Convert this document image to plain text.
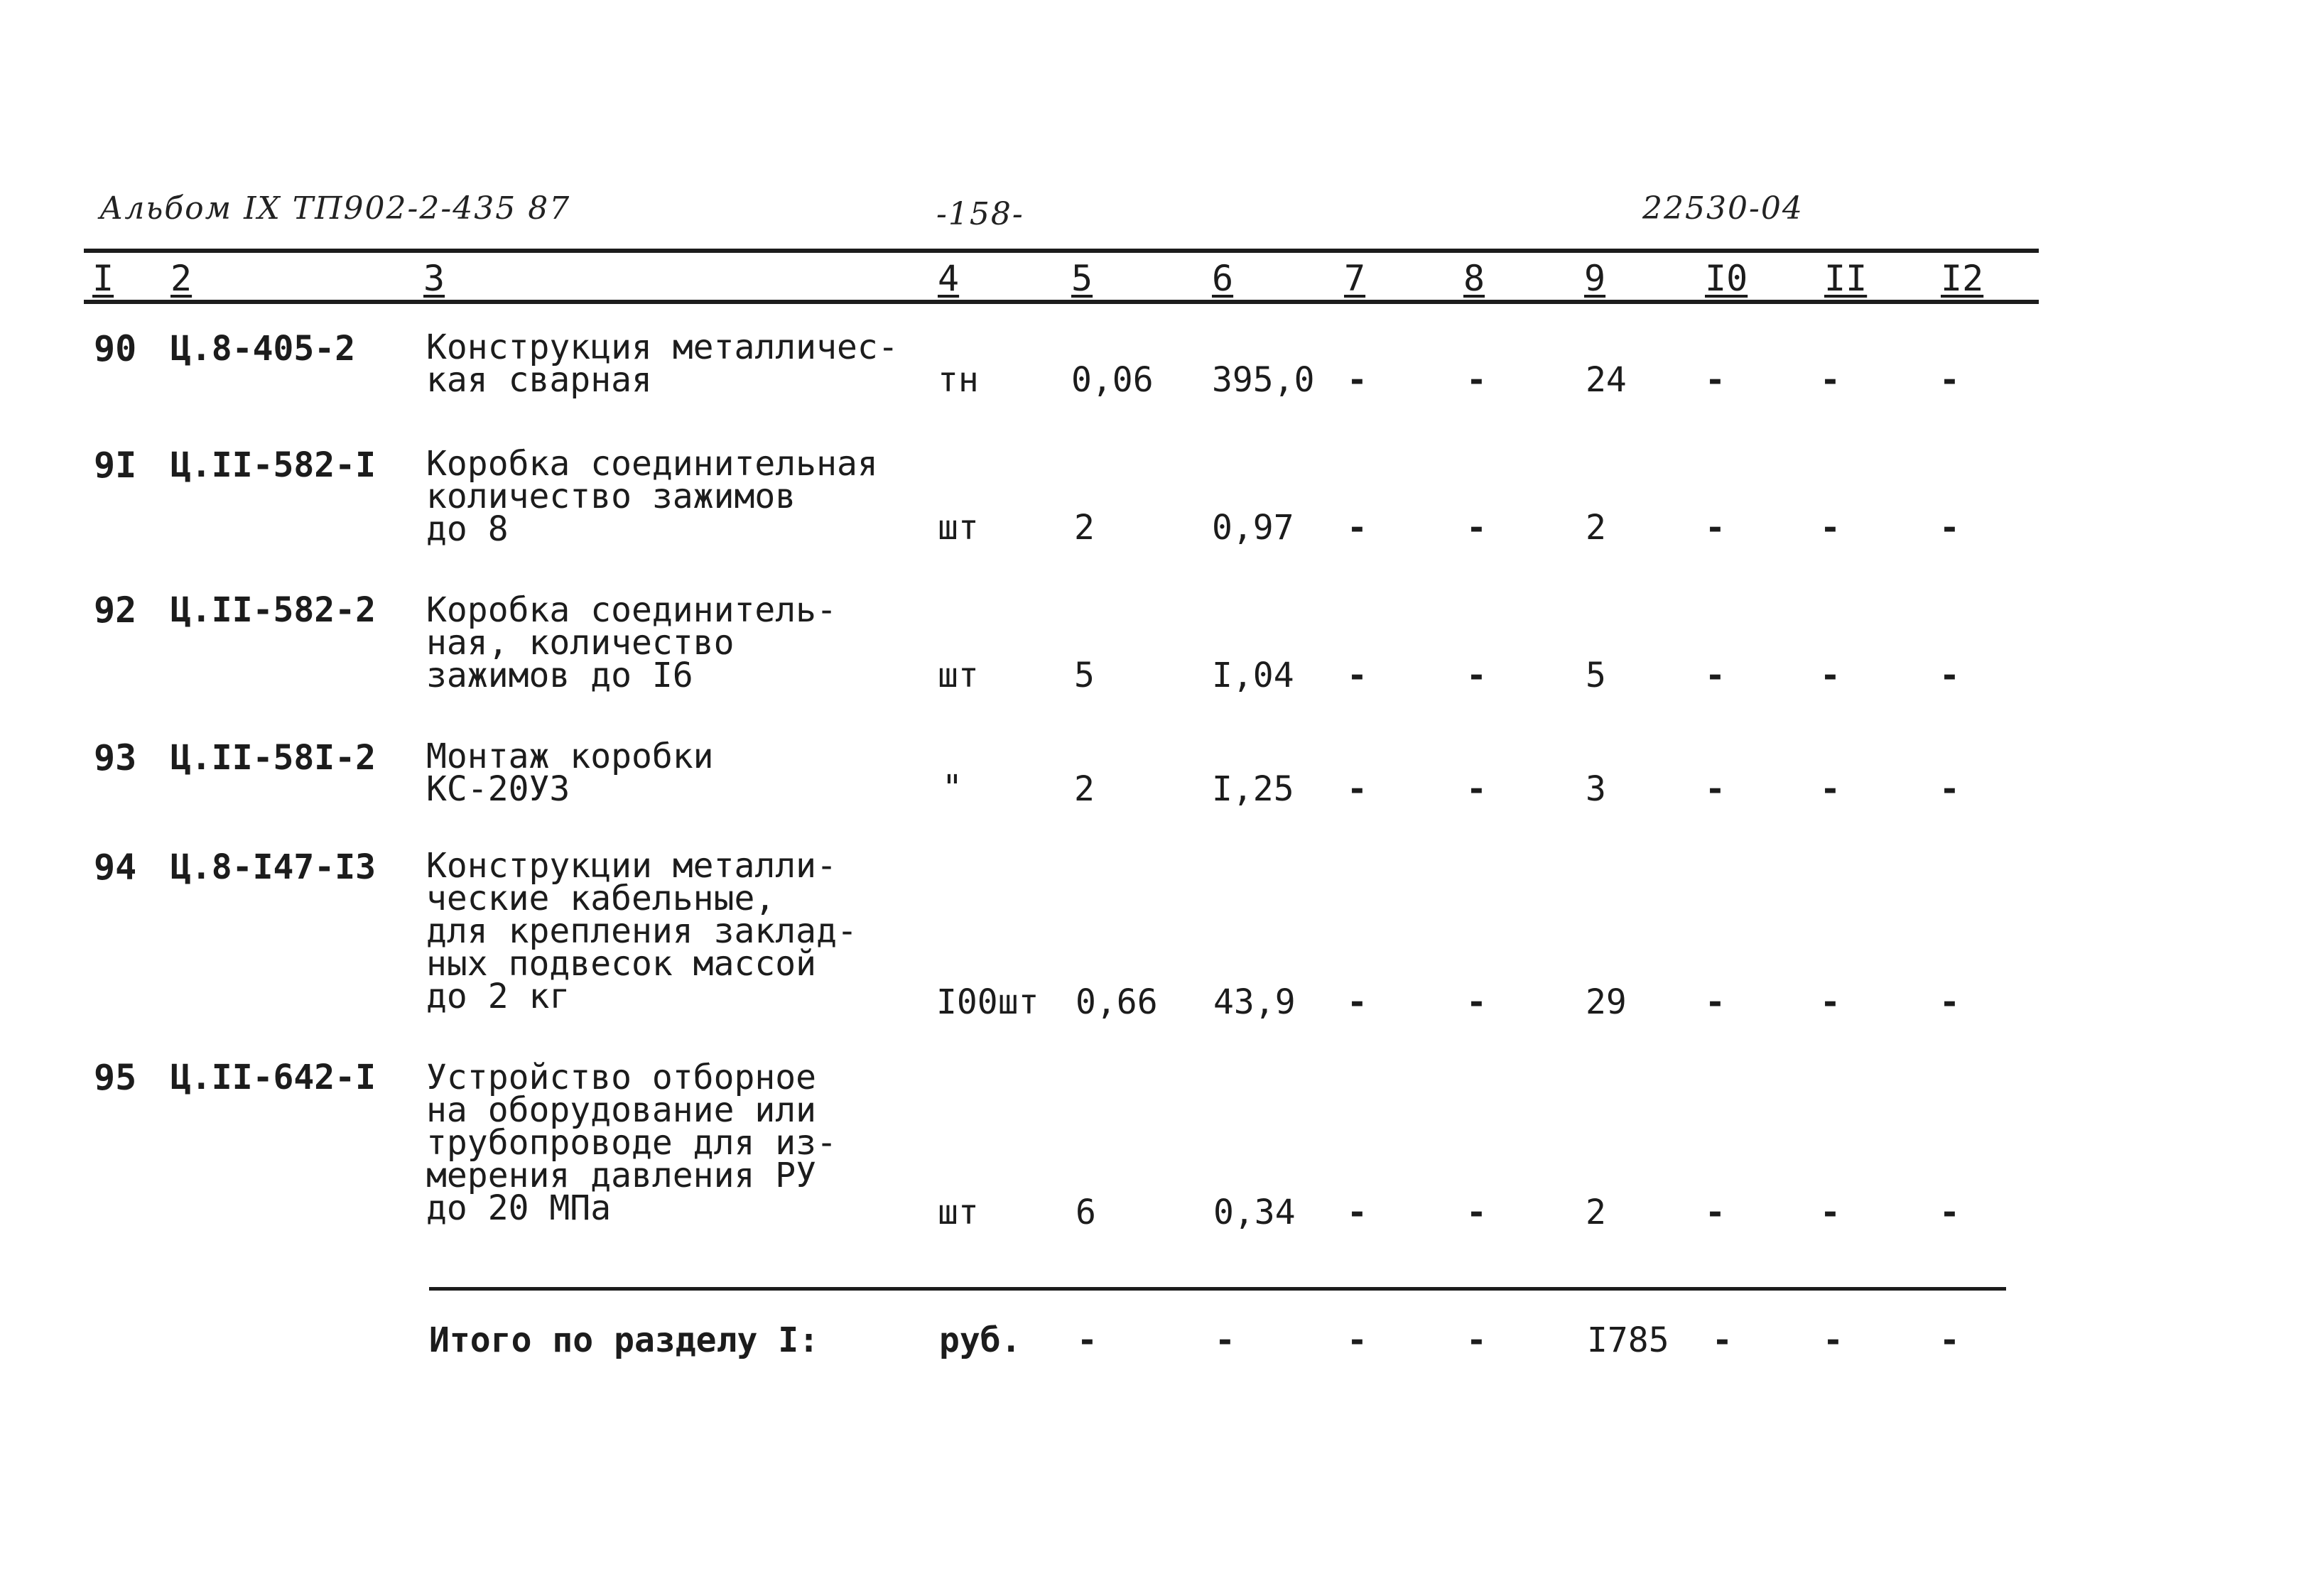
Альбом IX ТП902-2-435 87	-158-	22530-04
I 2	3	4	5	6	7	8	9	I0 II I2
90 Ц.8-405-2 Конструкция металличес-
кая сварная	тн	0,06 395,0 -	-	24 -	-	-
9I Ц.II-582-I Коробка соединительная
количество зажимов
до 8	шт	2	0,97 -	-	2	-	-	-
92 Ц.II-582-2 Коробка соединитель-
ная, количество
зажимов до I6	шт	5	I,04 -	-	5	-	-	-
93 Ц.II-58I-2 Монтаж коробки
КС-20УЗ	"	2	I,25 -	-	3	-	-	-
94 Ц.8-I47-I3 Конструкции металли-
ческие кабельные,
для крепления заклад-
ных подвесок массой
до 2 кг	I00шт 0,66 43,9 -	-	29 -	-	-
95 Ц.II-642-I Устройство отборное
на оборудование или
трубопроводе для из-
мерения давления РУ
до 20 МПа	шт	6	0,34 -	-	2	-	-	-
Итого по разделу I:	руб. -	-	-	-	I785 -	-	-
